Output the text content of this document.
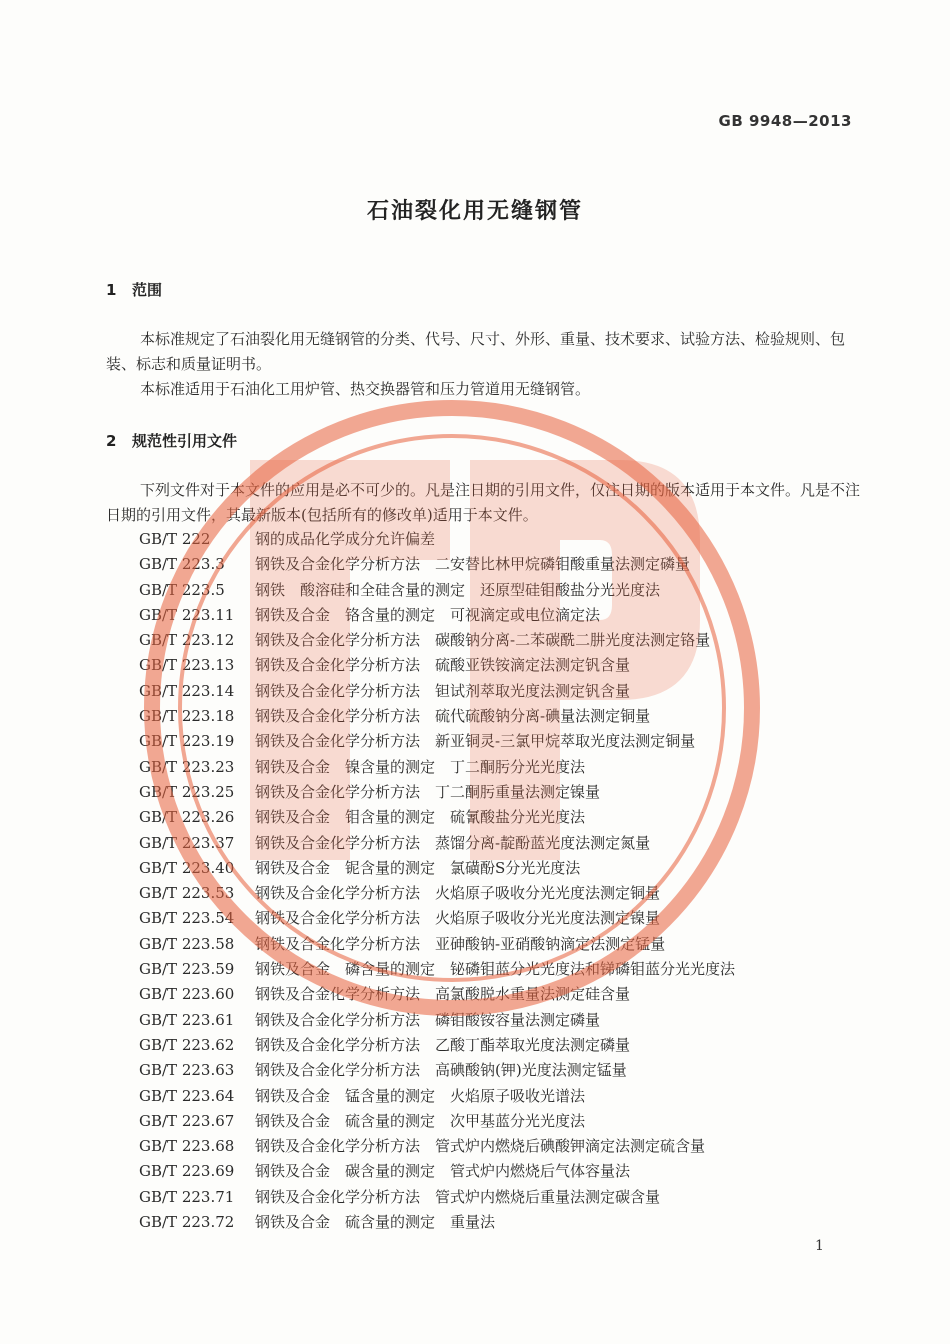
GB 9948—2013
石油裂化用无缝钢管
1 范围
本标准规定了石油裂化用无缝钢管的分类、代号、尺寸、外形、重量、技术要求、试验方法、检验规则、包装、标志和质量证明书。
本标准适用于石油化工用炉管、热交换器管和压力管道用无缝钢管。
2 规范性引用文件
下列文件对于本文件的应用是必不可少的。凡是注日期的引用文件，仅注日期的版本适用于本文件。凡是不注日期的引用文件，其最新版本(包括所有的修改单)适用于本文件。
GB/T 222	钢的成品化学成分允许偏差
GB/T 223.3 钢铁及合金化学分析方法　二安替比林甲烷磷钼酸重量法测定磷量
GB/T 223.5 钢铁　酸溶硅和全硅含量的测定　还原型硅钼酸盐分光光度法
GB/T 223.11 钢铁及合金　铬含量的测定　可视滴定或电位滴定法
GB/T 223.12 钢铁及合金化学分析方法　碳酸钠分离-二苯碳酰二肼光度法测定铬量
GB/T 223.13 钢铁及合金化学分析方法　硫酸亚铁铵滴定法测定钒含量
GB/T 223.14 钢铁及合金化学分析方法　钽试剂萃取光度法测定钒含量
GB/T 223.18 钢铁及合金化学分析方法　硫代硫酸钠分离-碘量法测定铜量
GB/T 223.19 钢铁及合金化学分析方法　新亚铜灵-三氯甲烷萃取光度法测定铜量
GB/T 223.23 钢铁及合金　镍含量的测定　丁二酮肟分光光度法
GB/T 223.25 钢铁及合金化学分析方法　丁二酮肟重量法测定镍量
GB/T 223.26 钢铁及合金　钼含量的测定　硫氰酸盐分光光度法
GB/T 223.37 钢铁及合金化学分析方法　蒸馏分离-靛酚蓝光度法测定氮量
GB/T 223.40 钢铁及合金　铌含量的测定　氯磺酚S分光光度法
GB/T 223.53 钢铁及合金化学分析方法　火焰原子吸收分光光度法测定铜量
GB/T 223.54 钢铁及合金化学分析方法　火焰原子吸收分光光度法测定镍量
GB/T 223.58 钢铁及合金化学分析方法　亚砷酸钠-亚硝酸钠滴定法测定锰量
GB/T 223.59 钢铁及合金　磷含量的测定　铋磷钼蓝分光光度法和锑磷钼蓝分光光度法
GB/T 223.60 钢铁及合金化学分析方法　高氯酸脱水重量法测定硅含量
GB/T 223.61 钢铁及合金化学分析方法　磷钼酸铵容量法测定磷量
GB/T 223.62 钢铁及合金化学分析方法　乙酸丁酯萃取光度法测定磷量
GB/T 223.63 钢铁及合金化学分析方法　高碘酸钠(钾)光度法测定锰量
GB/T 223.64 钢铁及合金　锰含量的测定　火焰原子吸收光谱法
GB/T 223.67 钢铁及合金　硫含量的测定　次甲基蓝分光光度法
GB/T 223.68 钢铁及合金化学分析方法　管式炉内燃烧后碘酸钾滴定法测定硫含量
GB/T 223.69 钢铁及合金　碳含量的测定　管式炉内燃烧后气体容量法
GB/T 223.71 钢铁及合金化学分析方法　管式炉内燃烧后重量法测定碳含量
GB/T 223.72 钢铁及合金　硫含量的测定　重量法
1
